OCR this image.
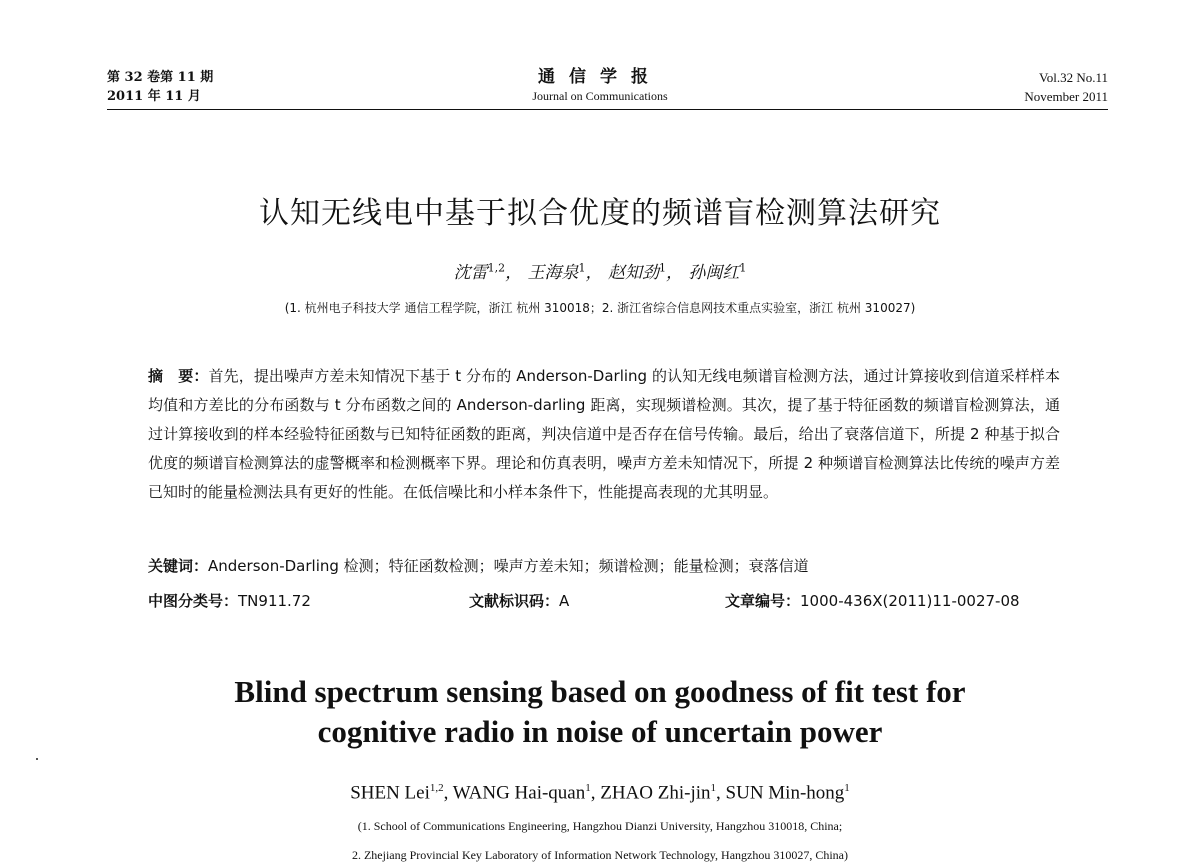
第 32 卷第 11 期
2011 年 11 月
通信学报
Journal on Communications
Vol.32 No.11
November 2011
认知无线电中基于拟合优度的频谱盲检测算法研究
沈雷$^{1,2}$， 王海泉$^1$， 赵知劲$^1$， 孙闽红$^1$
(1. 杭州电子科技大学 通信工程学院，浙江 杭州 310018；2. 浙江省综合信息网技术重点实验室，浙江 杭州 310027)
摘　要：首先，提出噪声方差未知情况下基于 t 分布的 Anderson-Darling 的认知无线电频谱盲检测方法，通过计算接收到信道采样样本均值和方差比的分布函数与 t 分布函数之间的 Anderson-darling 距离，实现频谱检测。其次，提了基于特征函数的频谱盲检测算法，通过计算接收到的样本经验特征函数与已知特征函数的距离，判决信道中是否存在信号传输。最后，给出了衰落信道下，所提 2 种基于拟合优度的频谱盲检测算法的虚警概率和检测概率下界。理论和仿真表明，噪声方差未知情况下，所提 2 种频谱盲检测算法比传统的噪声方差已知时的能量检测法具有更好的性能。在低信噪比和小样本条件下，性能提高表现的尤其明显。
关键词：Anderson-Darling 检测；特征函数检测；噪声方差未知；频谱检测；能量检测；衰落信道
中图分类号：TN911.72	文献标识码：A	文章编号：1000-436X(2011)11-0027-08
Blind spectrum sensing based on goodness of fit test for
cognitive radio in noise of uncertain power
SHEN Lei$^{1,2}$, WANG Hai-quan$^1$, ZHAO Zhi-jin$^1$, SUN Min-hong$^1$
(1. School of Communications Engineering, Hangzhou Dianzi University, Hangzhou 310018, China;
2. Zhejiang Provincial Key Laboratory of Information Network Technology, Hangzhou 310027, China)
